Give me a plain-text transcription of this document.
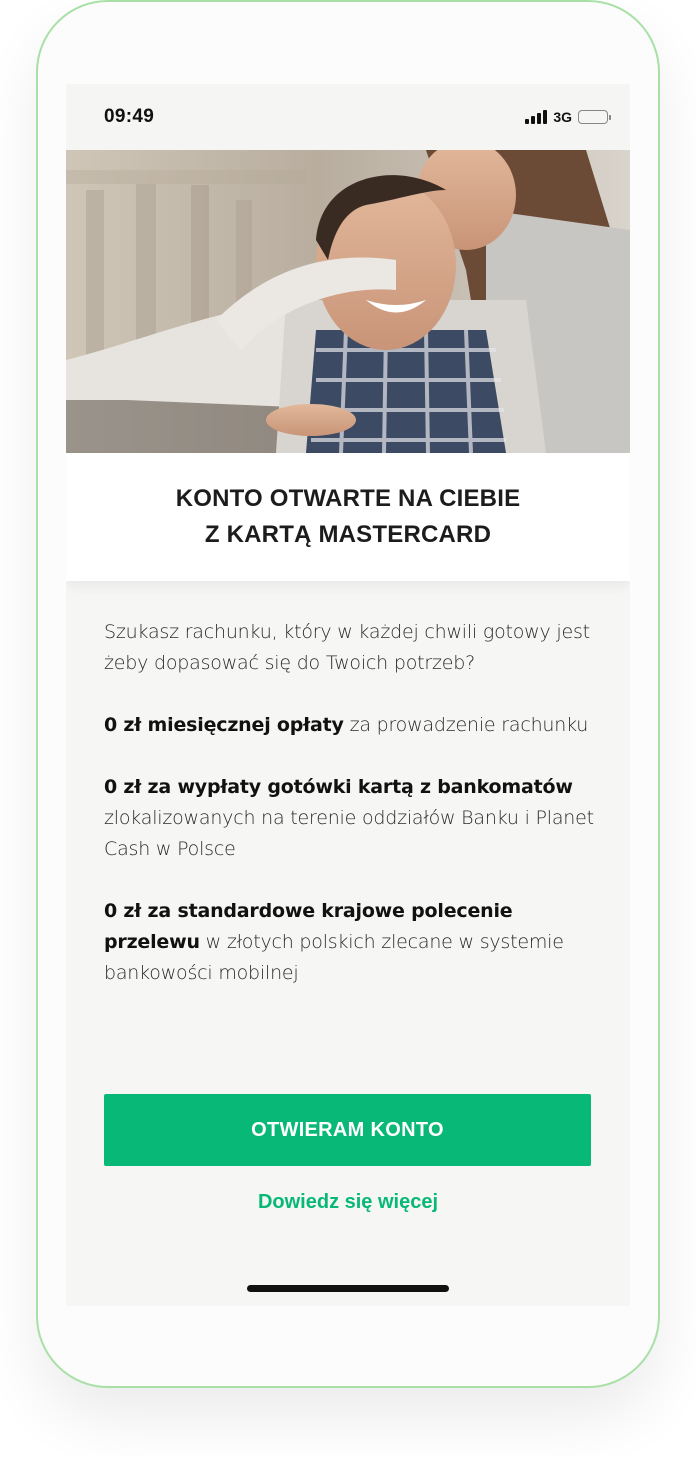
09:49	3G
KONTO OTWARTE NA CIEBIE
Z KARTĄ MASTERCARD

Szukasz rachunku, który w każdej chwili gotowy jest żeby dopasować się do Twoich potrzeb?

0 zł miesięcznej opłaty za prowadzenie rachunku

0 zł za wypłaty gotówki kartą z bankomatów zlokalizowanych na terenie oddziałów Banku i Planet Cash w Polsce

0 zł za standardowe krajowe polecenie przelewu w złotych polskich zlecane w systemie bankowości mobilnej

OTWIERAM KONTO
Dowiedz się więcej
